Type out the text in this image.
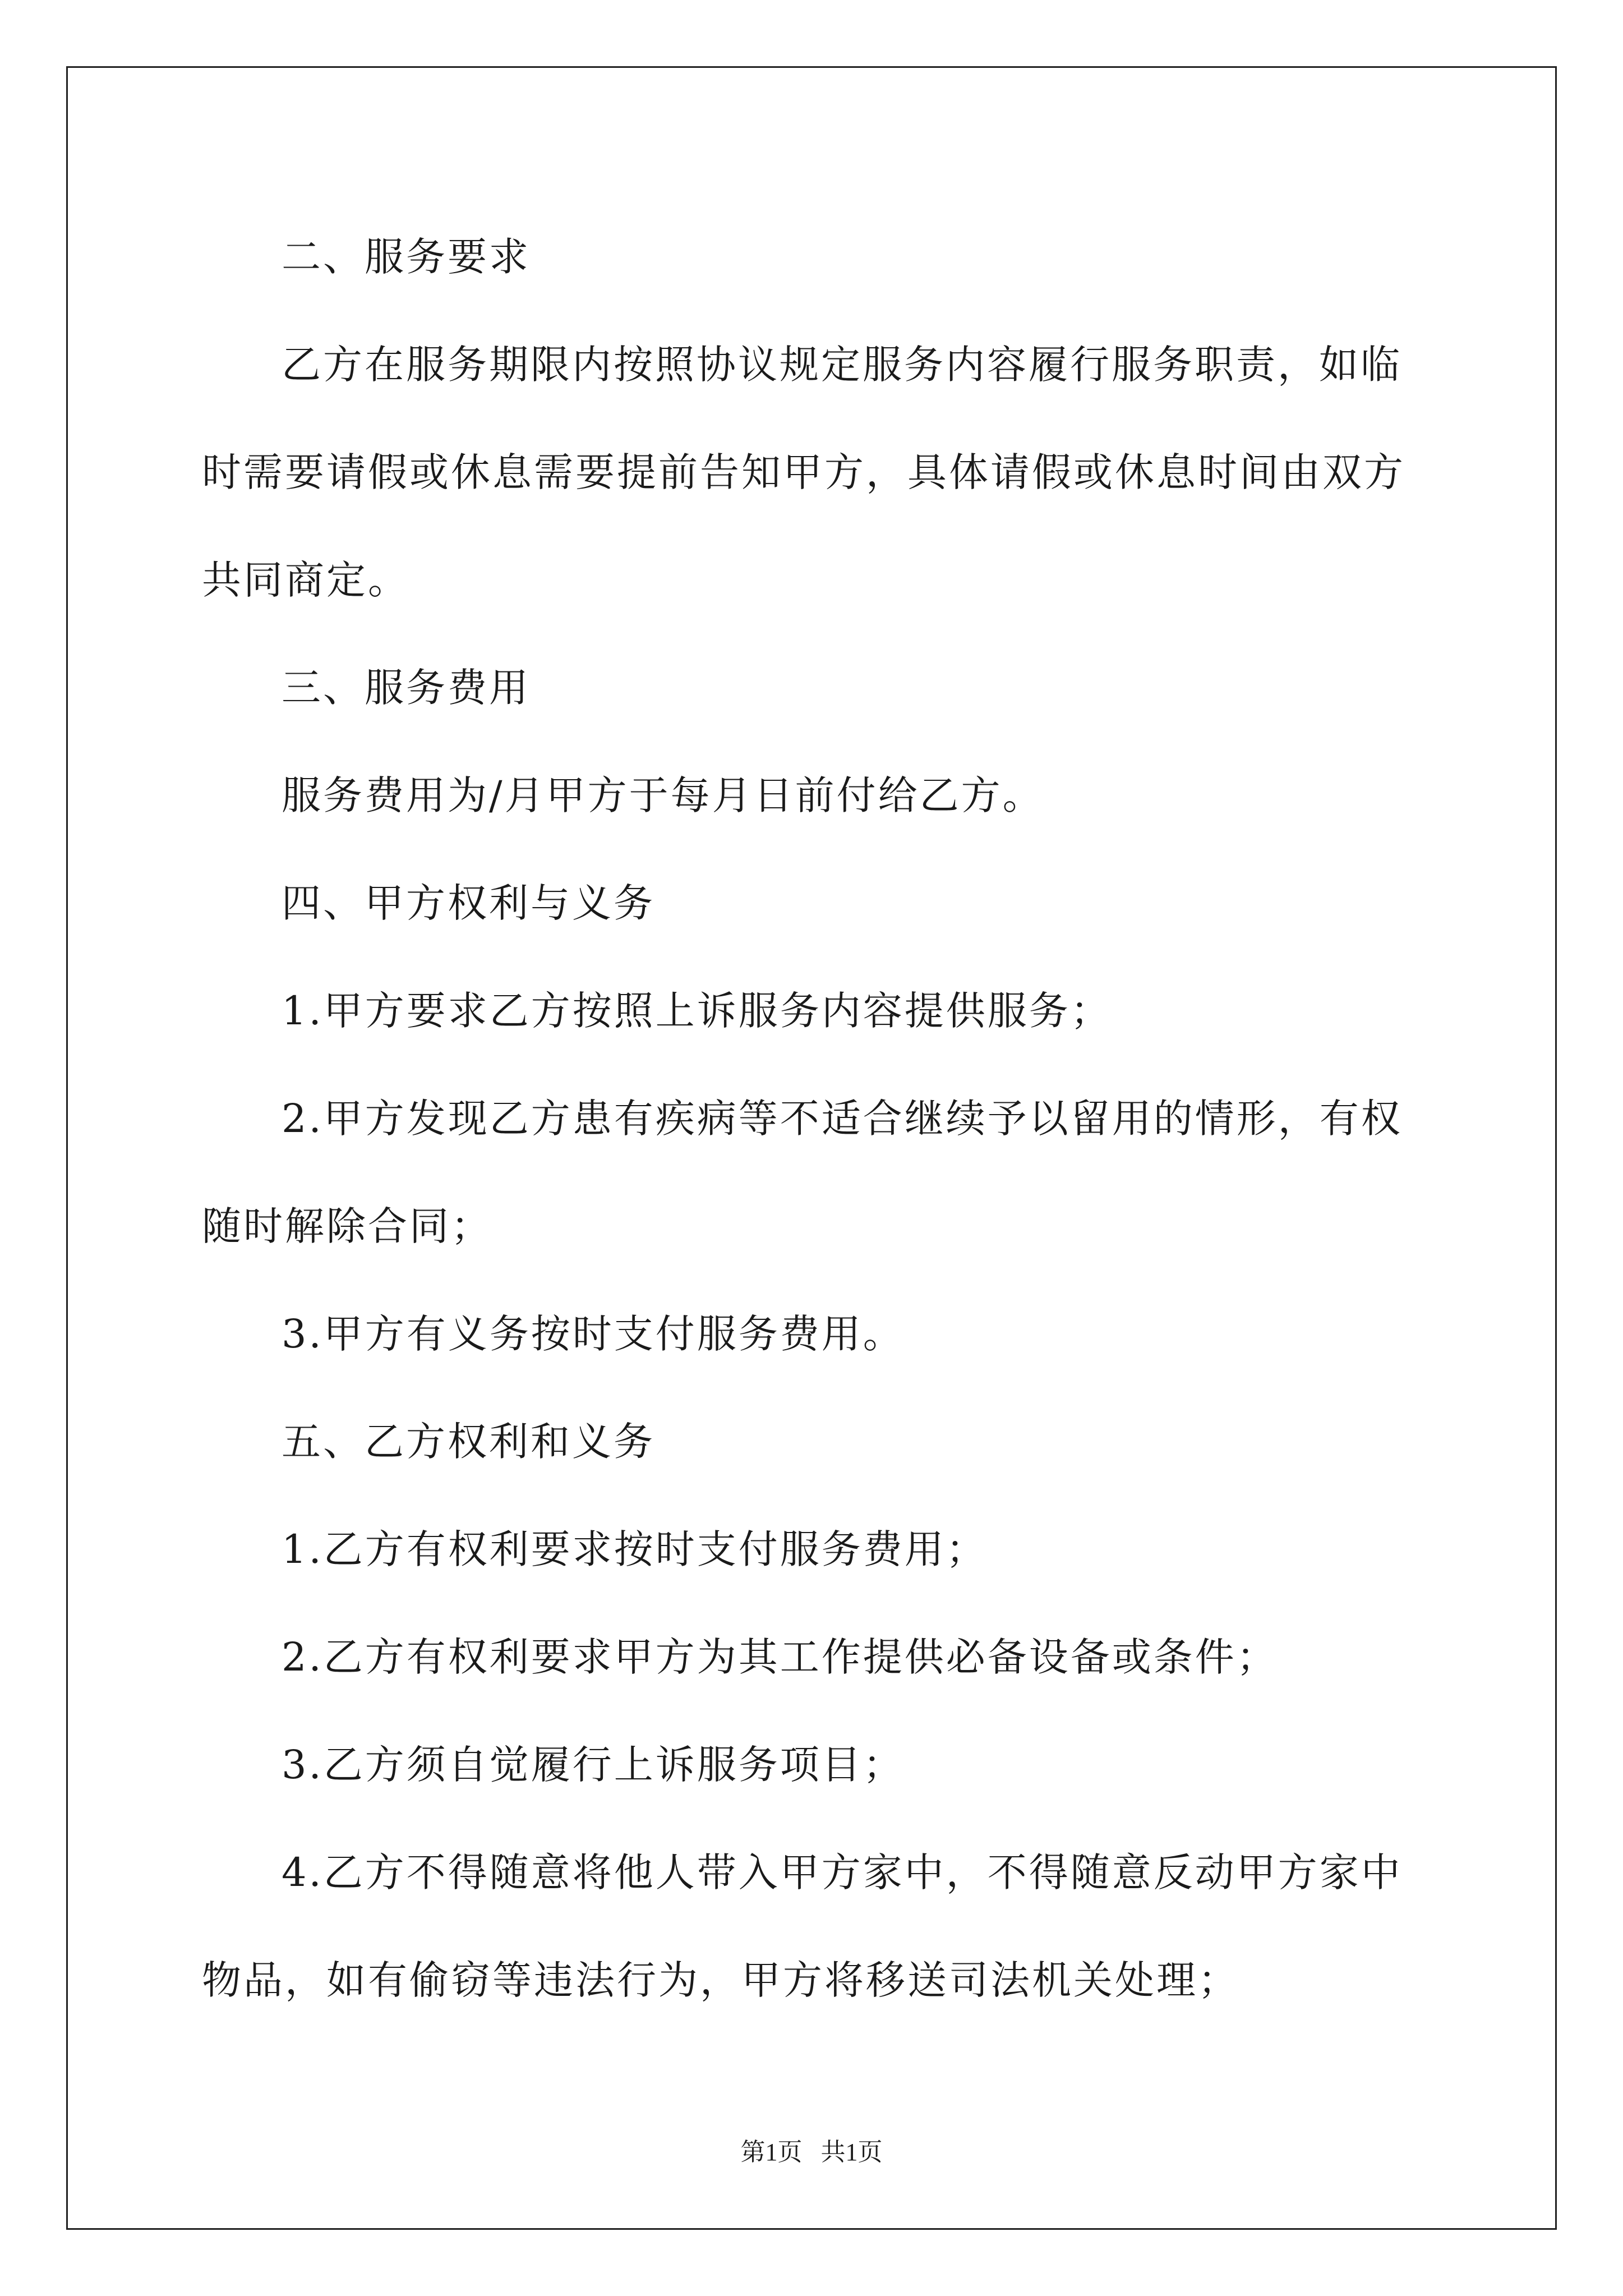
二、服务要求

乙方在服务期限内按照协议规定服务内容履行服务职责，如临时需要请假或休息需要提前告知甲方，具体请假或休息时间由双方共同商定。

三、服务费用

服务费用为/月甲方于每月日前付给乙方。

四、甲方权利与义务

1.甲方要求乙方按照上诉服务内容提供服务；

2.甲方发现乙方患有疾病等不适合继续予以留用的情形，有权随时解除合同；

3.甲方有义务按时支付服务费用。

五、乙方权利和义务

1.乙方有权利要求按时支付服务费用；

2.乙方有权利要求甲方为其工作提供必备设备或条件；

3.乙方须自觉履行上诉服务项目；

4.乙方不得随意将他人带入甲方家中，不得随意反动甲方家中物品，如有偷窃等违法行为，甲方将移送司法机关处理；

第1页   共1页
